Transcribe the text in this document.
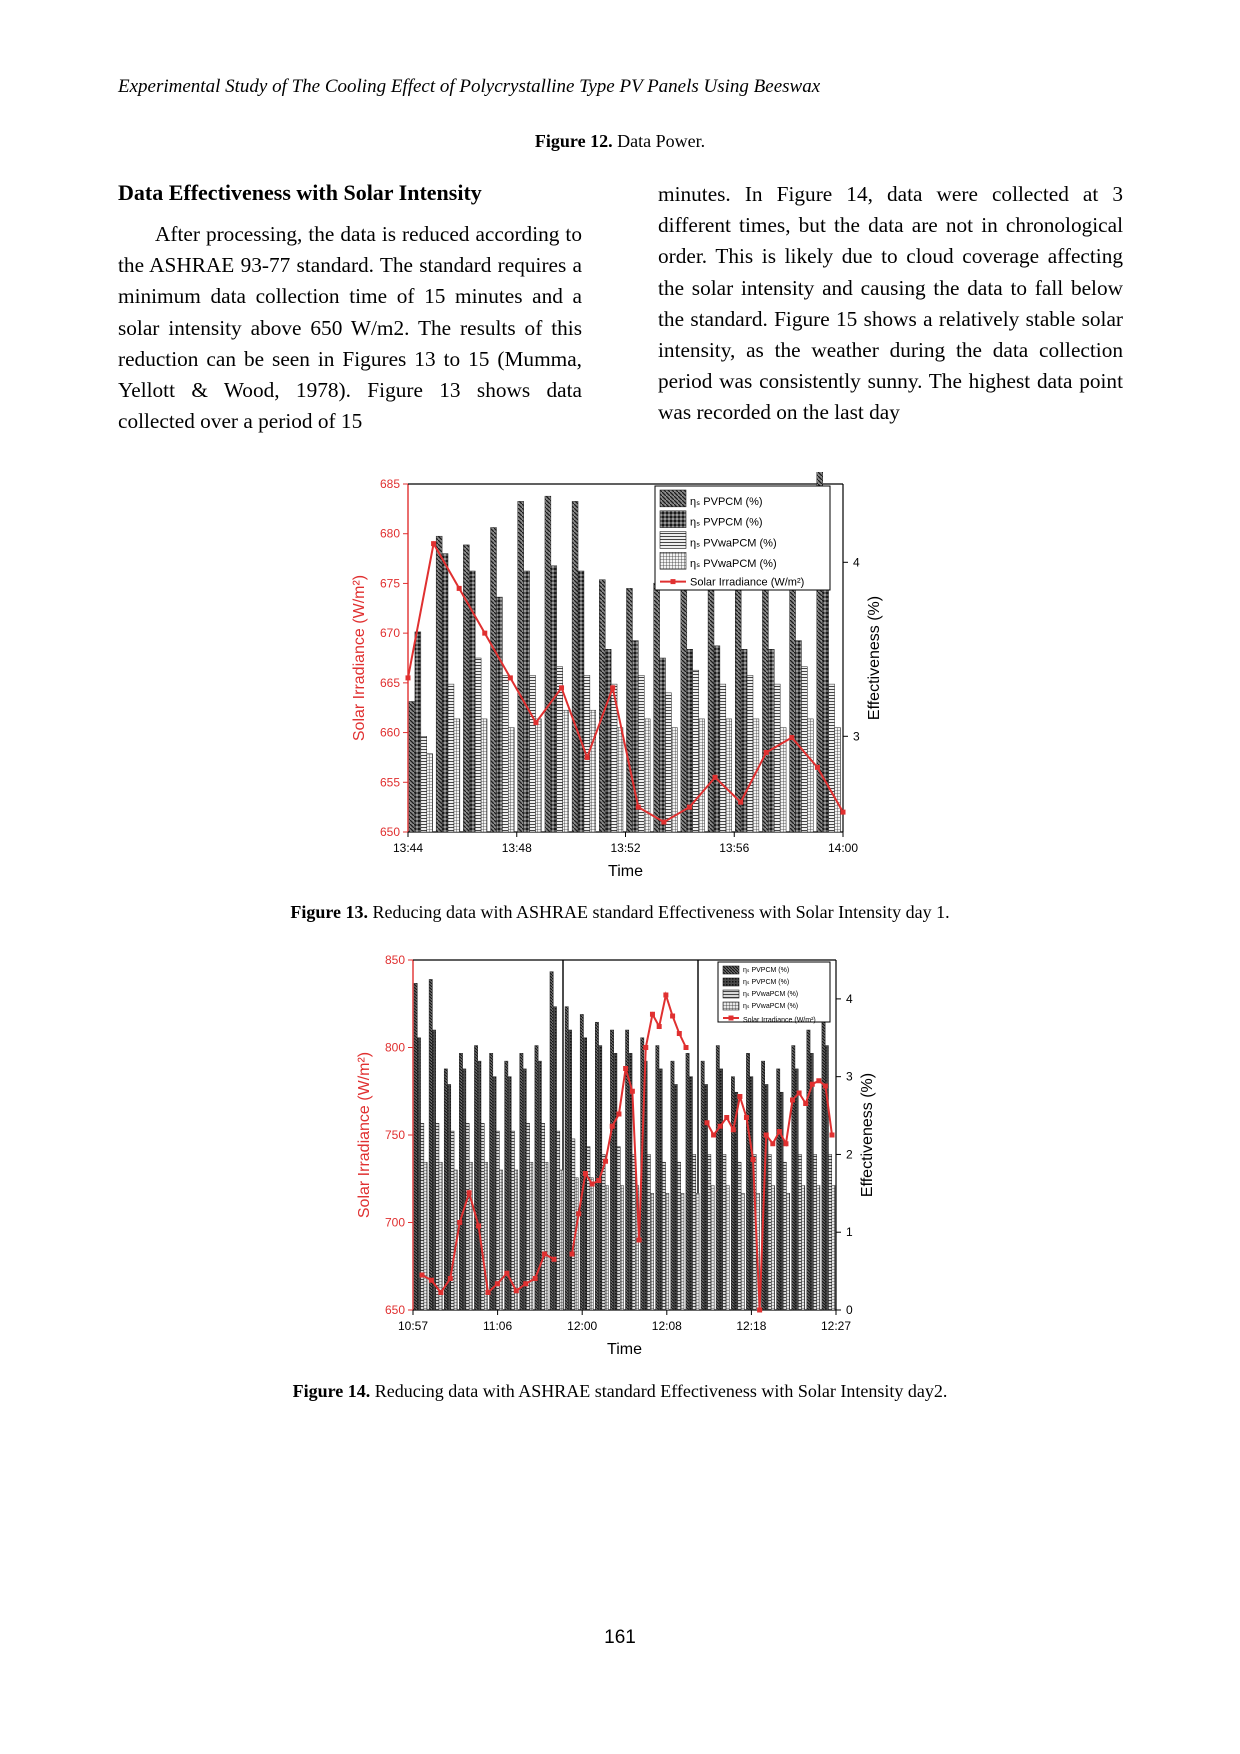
Experimental Study of The Cooling Effect of Polycrystalline Type PV Panels Using Beeswax
Figure 12. Data Power.
Data Effectiveness with Solar Intensity

After processing, the data is reduced according to the ASHRAE 93-77 standard. The standard requires a minimum data collection time of 15 minutes and a solar intensity above 650 W/m2. The results of this reduction can be seen in Figures 13 to 15 (Mumma, Yellott & Wood, 1978). Figure 13 shows data collected over a period of 15

minutes. In Figure 14, data were collected at 3 different times, but the data are not in chronological order. This is likely due to cloud coverage affecting the solar intensity and causing the data to fall below the standard. Figure 15 shows a relatively stable solar intensity, as the weather during the data collection period was consistently sunny. The highest data point was recorded on the last day

650
655
660
665
670
675
680
685
3
4
13:44	13:48	13:52	13:56	14:00
Time
Solar Irradiance (W/m²)	Effectiveness (%)
ηₛ PVPCM (%)
ηₛ PVPCM (%)
ηₛ PVwaPCM (%)
ηₛ PVwaPCM (%)
Solar Irradiance (W/m²)
Figure 13. Reducing data with ASHRAE standard Effectiveness with Solar Intensity day 1.
650
700
750
800
850
0
1
2
3
4
10:57	11:06	12:00	12:08	12:18	12:27
Time
Solar Irradiance (W/m²)	Effectiveness (%)
ηₛ PVPCM (%)
ηₛ PVPCM (%)
ηₛ PVwaPCM (%)
ηₛ PVwaPCM (%)
Solar Irradiance (W/m²)
Figure 14. Reducing data with ASHRAE standard Effectiveness with Solar Intensity day2.
161
